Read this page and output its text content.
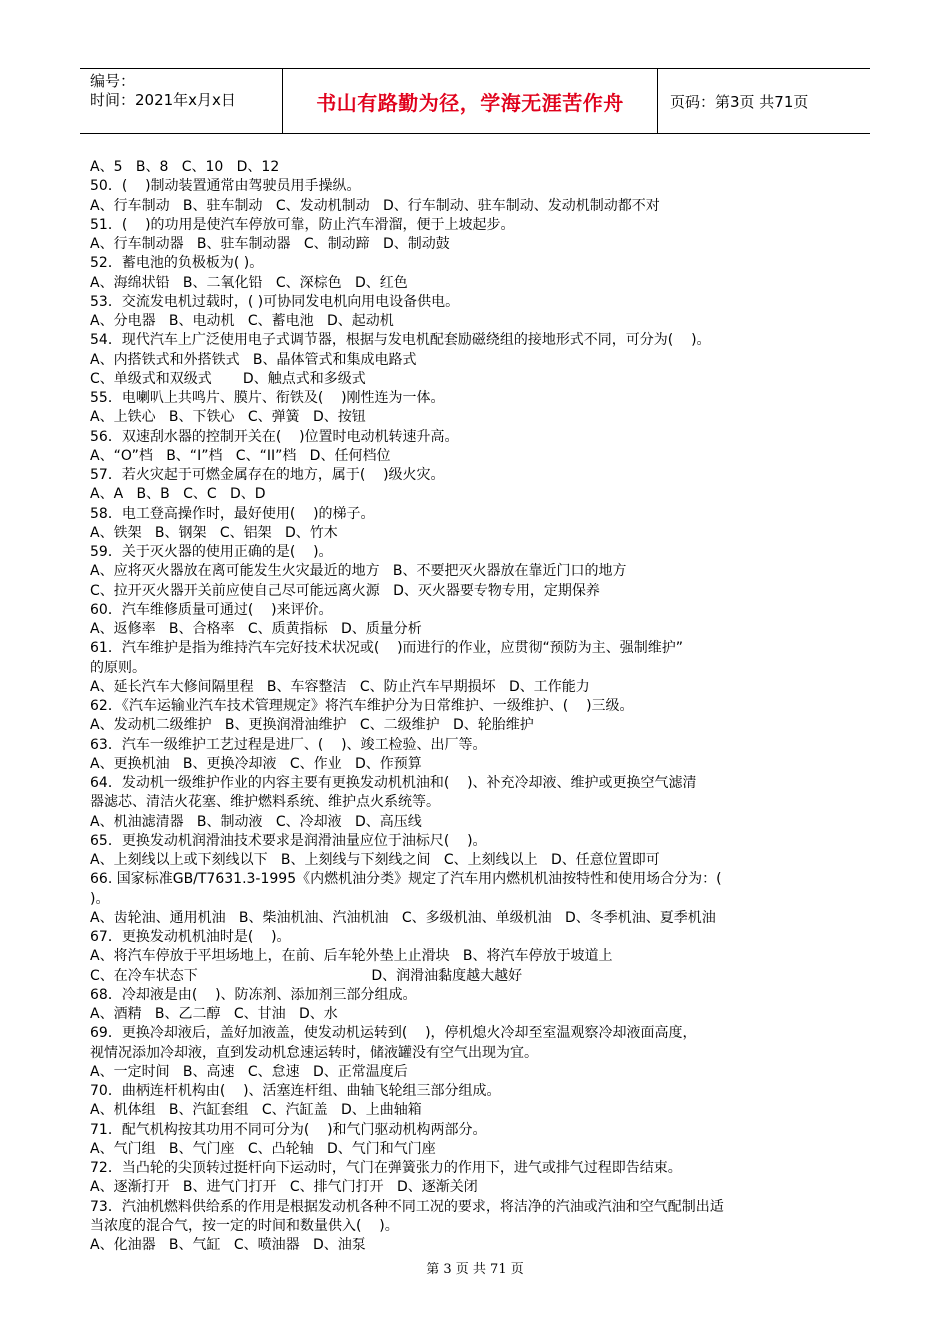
编号：
时间：2021年x月x日	书山有路勤为径，学海无涯苦作舟	页码：第3页 共71页
A、5   B、8   C、10   D、12
50．(    )制动装置通常由驾驶员用手操纵。
A、行车制动   B、驻车制动   C、发动机制动   D、行车制动、驻车制动、发动机制动都不对
51．(    )的功用是使汽车停放可靠，防止汽车滑溜，便于上坡起步。
A、行车制动器   B、驻车制动器   C、制动蹄   D、制动鼓
52．蓄电池的负极板为( )。
A、海绵状铅   B、二氧化铅   C、深棕色   D、红色
53．交流发电机过载时，( )可协同发电机向用电设备供电。
A、分电器   B、电动机   C、蓄电池   D、起动机
54．现代汽车上广泛使用电子式调节器，根据与发电机配套励磁绕组的接地形式不同，可分为(    )。
A、内搭铁式和外搭铁式   B、晶体管式和集成电路式
C、单级式和双级式       D、触点式和多级式
55．电喇叭上共鸣片、膜片、衔铁及(    )刚性连为一体。
A、上铁心   B、下铁心   C、弹簧   D、按钮
56．双速刮水器的控制开关在(    )位置时电动机转速升高。
A、“O”档   B、“I”档   C、“II”档   D、任何档位
57．若火灾起于可燃金属存在的地方，属于(    )级火灾。
A、A   B、B   C、C   D、D
58．电工登高操作时，最好使用(    )的梯子。
A、铁架   B、钢架   C、铝架   D、竹木
59．关于灭火器的使用正确的是(    )。
A、应将灭火器放在离可能发生火灾最近的地方   B、不要把灭火器放在靠近门口的地方
C、拉开灭火器开关前应使自己尽可能远离火源   D、灭火器要专物专用，定期保养
60．汽车维修质量可通过(    )来评价。
A、返修率   B、合格率   C、质黄指标   D、质量分析
61．汽车维护是指为维持汽车完好技术状况或(    )而进行的作业，应贯彻“预防为主、强制维护”
的原则。
A、延长汽车大修间隔里程   B、车容整洁   C、防止汽车早期损坏   D、工作能力
62．《汽车运输业汽车技术管理规定》将汽车维护分为日常维护、一级维护、(    )三级。
A、发动机二级维护   B、更换润滑油维护   C、二级维护   D、轮胎维护
63．汽车一级维护工艺过程是进厂、(    )、竣工检验、出厂等。
A、更换机油   B、更换冷却液   C、作业   D、作预算
64．发动机一级维护作业的内容主要有更换发动机机油和(    )、补充冷却液、维护或更换空气滤清
器滤芯、清洁火花塞、维护燃料系统、维护点火系统等。
A、机油滤清器   B、制动液   C、冷却液   D、高压线
65．更换发动机润滑油技术要求是润滑油量应位于油标尺(    )。
A、上刻线以上或下刻线以下   B、上刻线与下刻线之间   C、上刻线以上   D、任意位置即可
66. 国家标准GB/T7631.3-1995《内燃机油分类》规定了汽车用内燃机机油按特性和使用场合分为：(
)。
A、齿轮油、通用机油   B、柴油机油、汽油机油   C、多级机油、单级机油   D、冬季机油、夏季机油
67．更换发动机机油时是(    )。
A、将汽车停放于平坦场地上，在前、后车轮外垫上止滑块   B、将汽车停放于坡道上
C、在冷车状态下                                       D、润滑油黏度越大越好
68．冷却液是由(    )、防冻剂、添加剂三部分组成。
A、酒精   B、乙二醇   C、甘油   D、水
69．更换冷却液后，盖好加液盖，使发动机运转到(    )，停机熄火冷却至室温观察冷却液面高度，
视情况添加冷却液，直到发动机怠速运转时，储液罐没有空气出现为宜。
A、一定时间   B、高速   C、怠速   D、正常温度后
70．曲柄连杆机构由(    )、活塞连杆组、曲轴飞轮组三部分组成。
A、机体组   B、汽缸套组   C、汽缸盖   D、上曲轴箱
71．配气机构按其功用不同可分为(    )和气门驱动机构两部分。
A、气门组   B、气门座   C、凸轮轴   D、气门和气门座
72．当凸轮的尖顶转过挺杆向下运动时，气门在弹簧张力的作用下，进气或排气过程即告结束。
A、逐渐打开   B、进气门打开   C、排气门打开   D、逐渐关闭
73．汽油机燃料供给系的作用是根据发动机各种不同工况的要求，将洁净的汽油或汽油和空气配制出适
当浓度的混合气，按一定的时间和数量供入(    )。
A、化油器   B、气缸   C、喷油器   D、油泵
第 3 页 共 71 页
